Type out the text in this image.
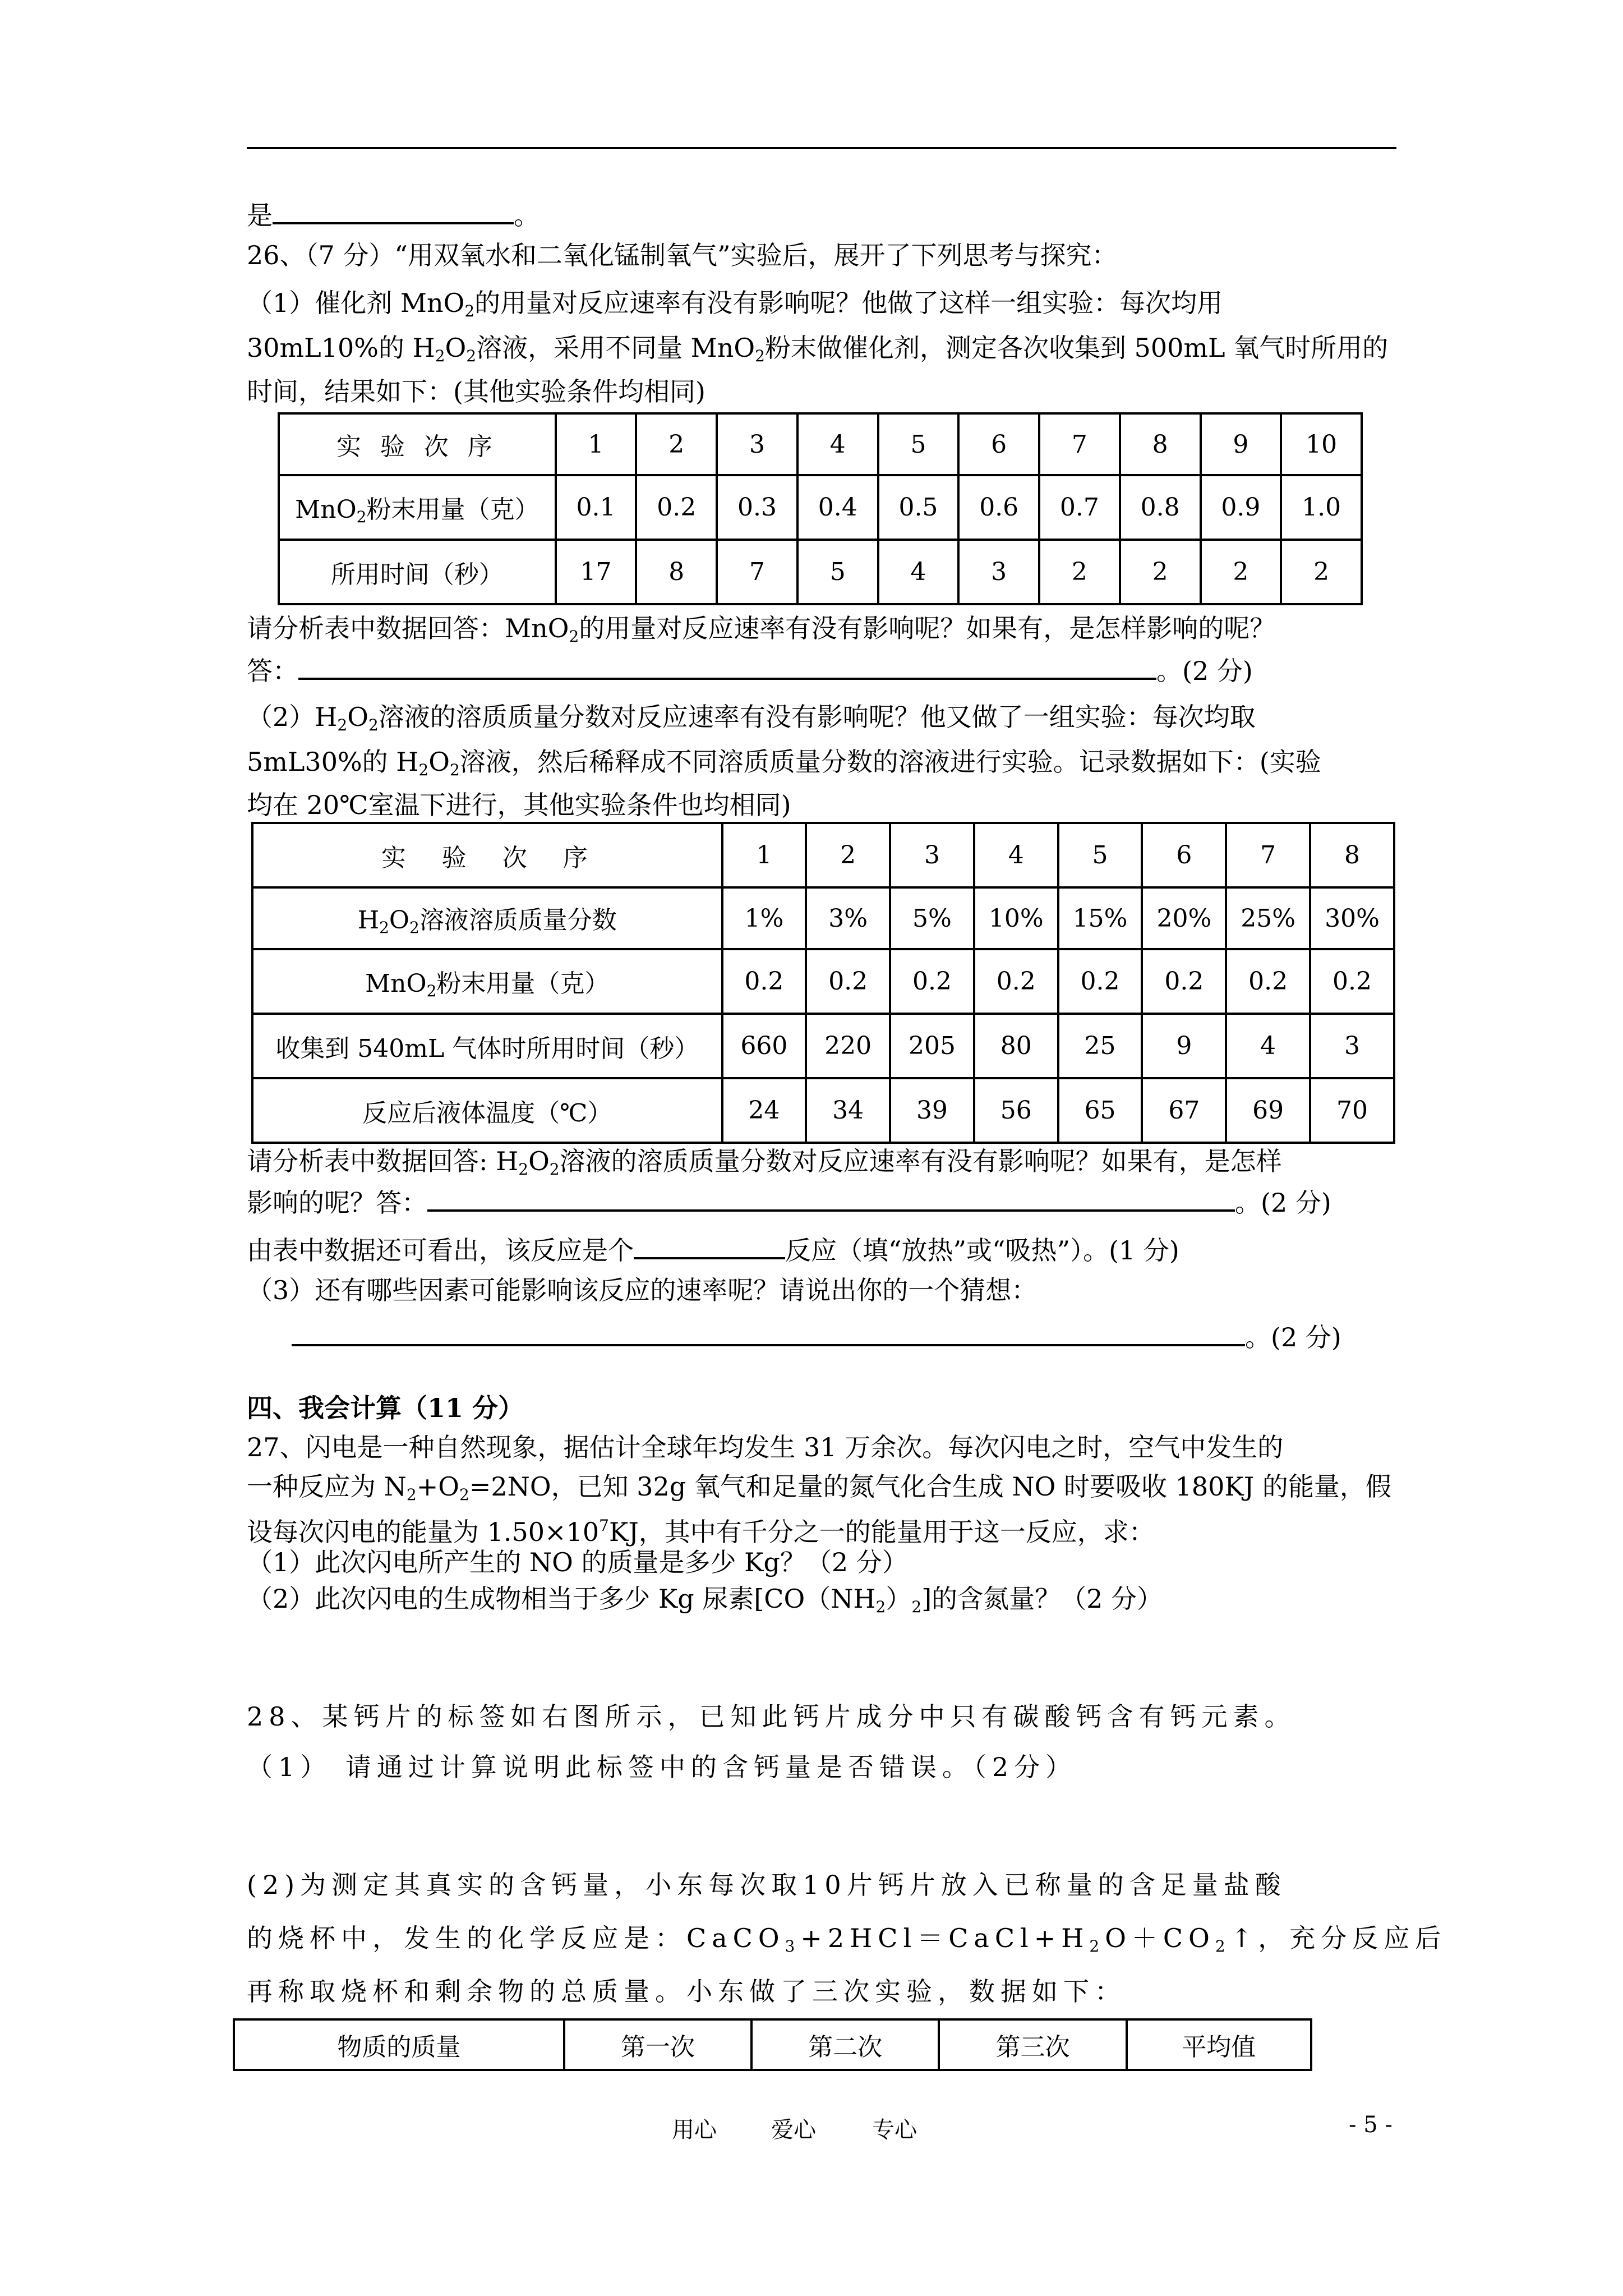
是	。
26、（7 分）“用双氧水和二氧化锰制氧气”实验后，展开了下列思考与探究：
（1）催化剂 MnO$_2$的用量对反应速率有没有影响呢？他做了这样一组实验：每次均用
30mL10%的 $H_2O_2$溶液，采用不同量 MnO$_2$粉末做催化剂，测定各次收集到 500mL 氧气时所用的
时间，结果如下：(其他实验条件均相同)
实 验 次 序	1	2	3	4	5	6	7	8	9	10
MnO$_2$粉末用量（克）	0.1	0.2	0.3	0.4	0.5	0.6	0.7	0.8	0.9	1.0
所用时间（秒）	17	8	7	5	4	3	2	2	2	2
请分析表中数据回答：MnO$_2$的用量对反应速率有没有影响呢？如果有，是怎样影响的呢？
答：	。(2 分)
$(2)H_2O_2$溶液的溶质质量分数对反应速率有没有影响呢？他又做了一组实验：每次均取
5mL30%的 $H_2O_2$溶液，然后稀释成不同溶质质量分数的溶液进行实验。记录数据如下：(实验
均在 20℃室温下进行，其他实验条件也均相同)
实　验　次　序	1	2	3	4	5	6	7	8
$H_2O_2$溶液溶质质量分数	1%	3%	5%	10%	15%	20%	25%	30%
MnO$_2$粉末用量（克）	0.2	0.2	0.2	0.2	0.2	0.2	0.2	0.2
收集到 540mL 气体时所用时间（秒）	660	220	205	80	25	9	4	3
反应后液体温度（℃）	24	34	39	56	65	67	69	70
请分析表中数据回答: $H_2O_2$溶液的溶质质量分数对反应速率有没有影响呢？如果有，是怎样
影响的呢？答：	。(2 分)
由表中数据还可看出，该反应是个	反应（填“放热”或“吸热”）。(1 分)
（3）还有哪些因素可能影响该反应的速率呢？请说出你的一个猜想：
。(2 分)
四、我会计算（11 分）
27、闪电是一种自然现象，据估计全球年均发生 31 万余次。每次闪电之时，空气中发生的
一种反应为 $N_2+O_2=2NO$，已知 32g 氧气和足量的氮气化合生成 NO 时要吸收 180KJ 的能量，假
设每次闪电的能量为 $1.50\times 10^7KJ$，其中有千分之一的能量用于这一反应，求：
（1）此次闪电所产生的 NO 的质量是多少 Kg？（2 分）
（2）此次闪电的生成物相当于多少 Kg 尿素$[CO(NH_2)_2]$的含氮量？（2 分）
28、某钙片的标签如右图所示，已知此钙片成分中只有碳酸钙含有钙元素。
（1） 请通过计算说明此标签中的含钙量是否错误。（2分）
(2)为测定其真实的含钙量，小东每次取10片钙片放入已称量的含足量盐酸
的烧杯中，发生的化学反应是：$CaCO_3+2HCl=CaCl+H_2O+CO_2↑$，充分反应后
再称取烧杯和剩余物的总质量。小东做了三次实验，数据如下：
物质的质量	第一次	第二次	第三次	平均值
用心 爱心	专心	- 5 -
